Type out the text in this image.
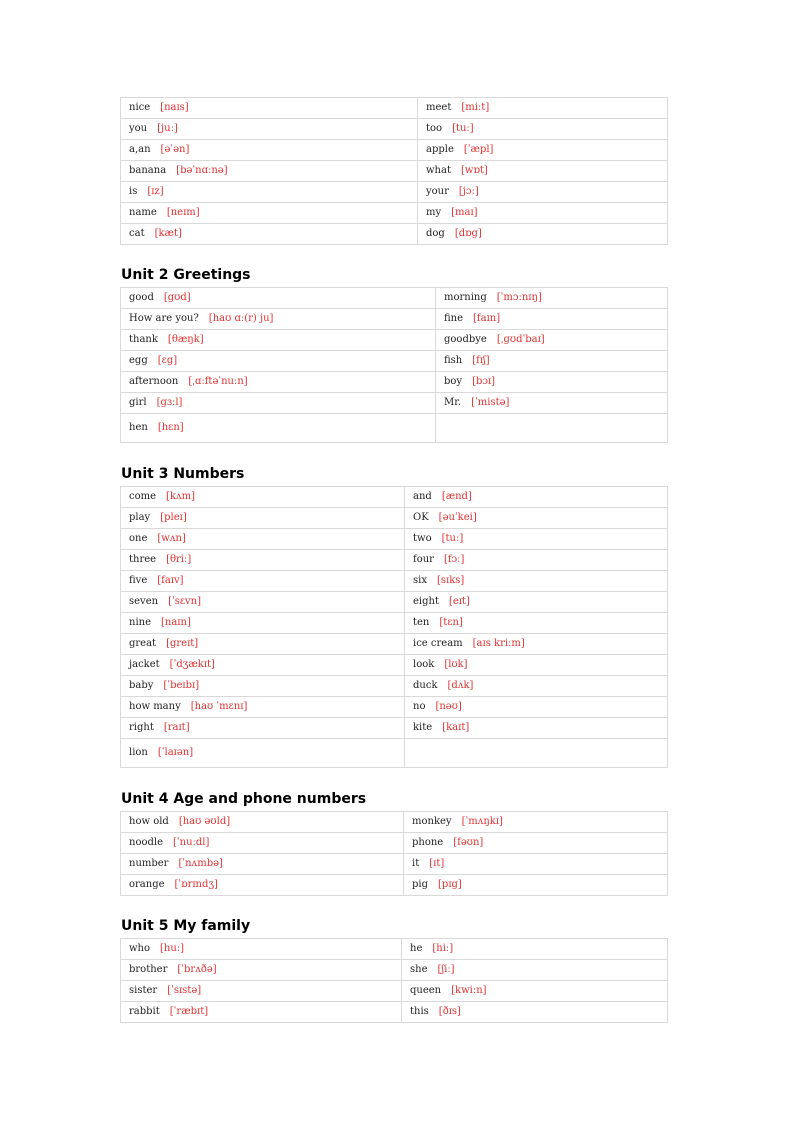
nice [naɪs]	meet [miːt]
you [juː]	too [tuː]
a,an [əˈən]	apple [ˈæpl]
banana [bəˈnɑːnə]	what [wɒt]
is [ɪz]	your [jɔː]
name [neɪm]	my [maɪ]
cat [kæt]	dog [dɒg]
Unit 2 Greetings
good [gʊd]	morning [ˈmɔːnɪŋ]
How are you? [haʊ ɑː(r) ju]	fine [faɪn]
thank [θæŋk]	goodbye [ˌgʊdˈbaɪ]
egg [ɛg]	fish [fɪʃ]
afternoon [ˌɑːftəˈnuːn]	boy [bɔɪ]
girl [gɜːl]	Mr. [ˈmistə]
hen [hɛn]	
Unit 3 Numbers
come [kʌm]	and [ænd]
play [pleɪ]	OK [əuˈkei]
one [wʌn]	two [tuː]
three [θriː]	four [fɔː]
five [faɪv]	six [sɪks]
seven [ˈsɛvn]	eight [eɪt]
nine [naɪn]	ten [tɛn]
great [greɪt]	ice cream [aɪs kriːm]
jacket [ˈdʒækɪt]	look [lʊk]
baby [ˈbeɪbɪ]	duck [dʌk]
how many [haʊ ˈmɛnɪ]	no [nəʊ]
right [raɪt]	kite [kaɪt]
lion [ˈlaɪən]	
Unit 4 Age and phone numbers
how old [haʊ əʊld]	monkey [ˈmʌŋkɪ]
noodle [ˈnuːdl]	phone [fəʊn]
number [ˈnʌmbə]	it [ɪt]
orange [ˈɒrɪndʒ]	pig [pɪg]
Unit 5 My family
who [huː]	he [hiː]
brother [ˈbrʌðə]	she [ʃiː]
sister [ˈsɪstə]	queen [kwiːn]
rabbit [ˈræbɪt]	this [ðɪs]
